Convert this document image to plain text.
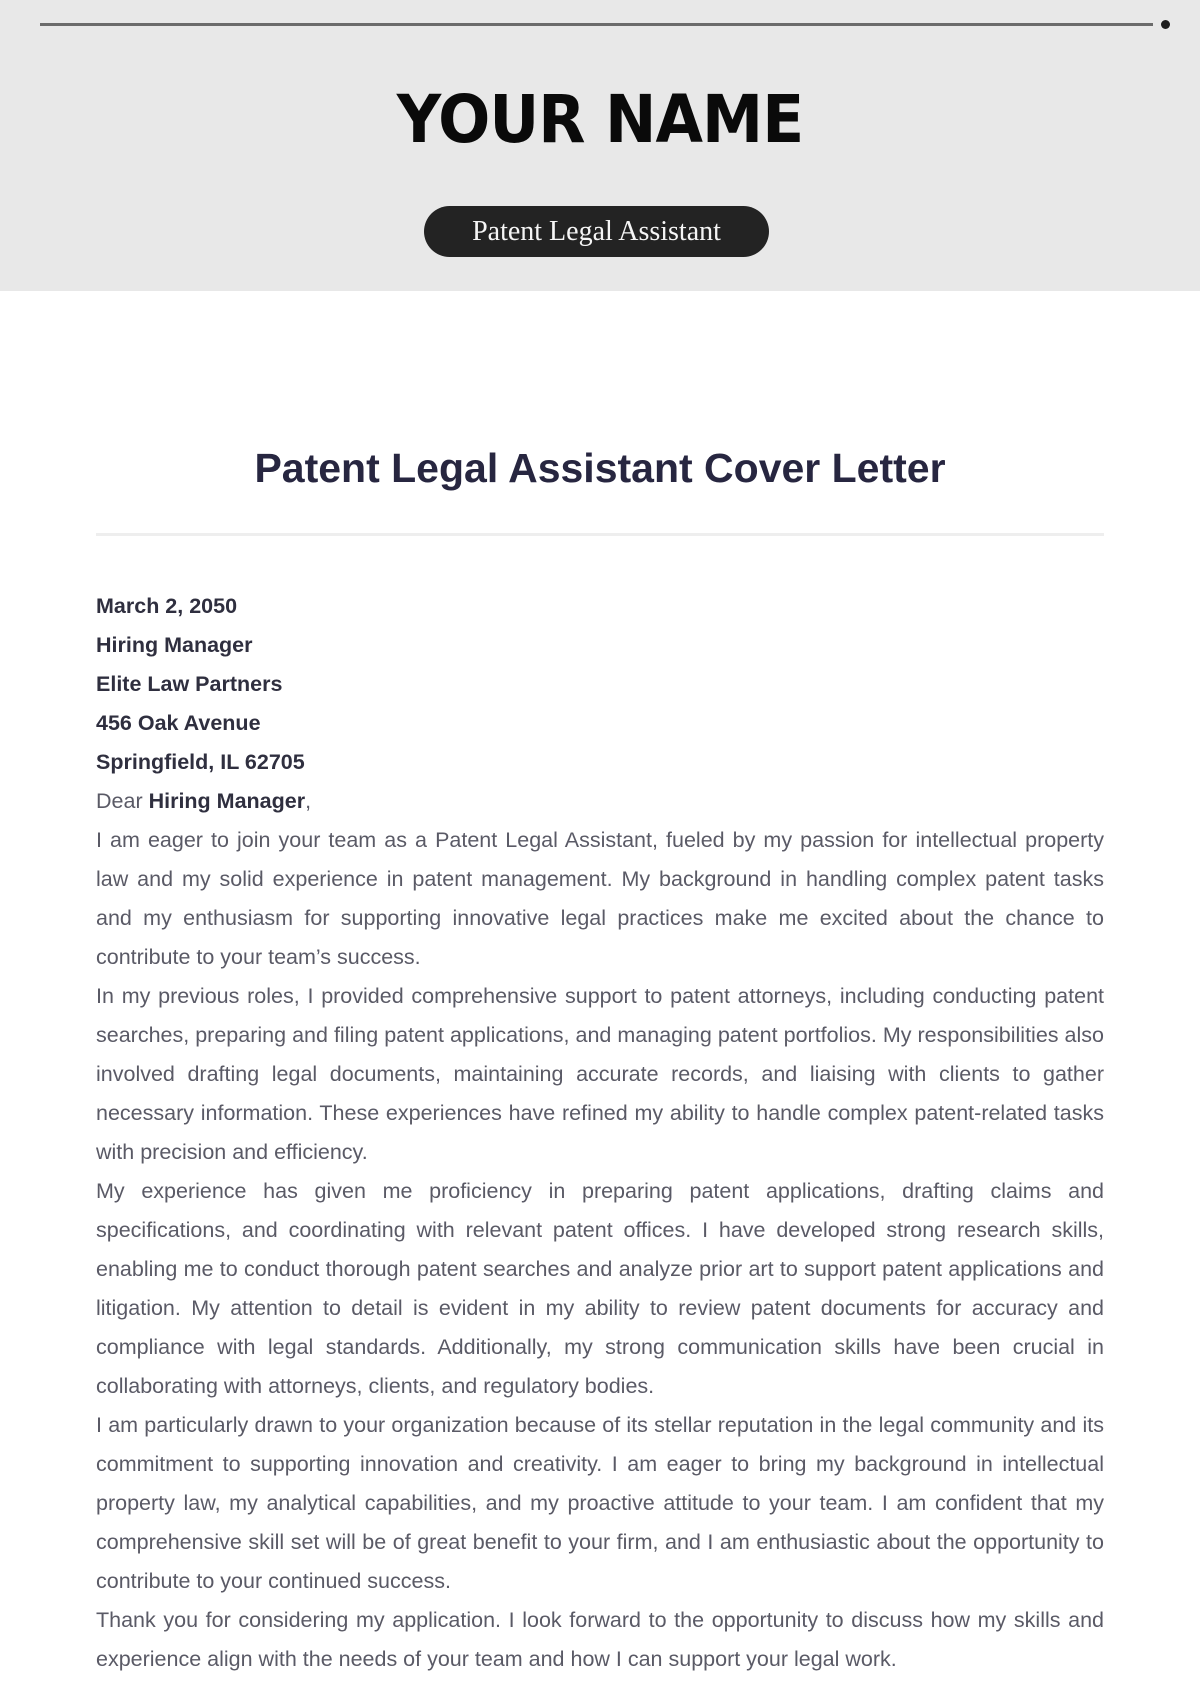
YOUR NAME
Patent Legal Assistant
Patent Legal Assistant Cover Letter
March 2, 2050
Hiring Manager
Elite Law Partners
456 Oak Avenue
Springfield, IL 62705
Dear Hiring Manager,

I am eager to join your team as a Patent Legal Assistant, fueled by my passion for intellectual property law and my solid experience in patent management. My background in handling complex patent tasks and my enthusiasm for supporting innovative legal practices make me excited about the chance to contribute to your team’s success.

In my previous roles, I provided comprehensive support to patent attorneys, including conducting patent searches, preparing and filing patent applications, and managing patent portfolios. My responsibilities also involved drafting legal documents, maintaining accurate records, and liaising with clients to gather necessary information. These experiences have refined my ability to handle complex patent-related tasks with precision and efficiency.

My experience has given me proficiency in preparing patent applications, drafting claims and specifications, and coordinating with relevant patent offices. I have developed strong research skills, enabling me to conduct thorough patent searches and analyze prior art to support patent applications and litigation. My attention to detail is evident in my ability to review patent documents for accuracy and compliance with legal standards. Additionally, my strong communication skills have been crucial in collaborating with attorneys, clients, and regulatory bodies.

I am particularly drawn to your organization because of its stellar reputation in the legal community and its commitment to supporting innovation and creativity. I am eager to bring my background in intellectual property law, my analytical capabilities, and my proactive attitude to your team. I am confident that my comprehensive skill set will be of great benefit to your firm, and I am enthusiastic about the opportunity to contribute to your continued success.

Thank you for considering my application. I look forward to the opportunity to discuss how my skills and experience align with the needs of your team and how I can support your legal work.
